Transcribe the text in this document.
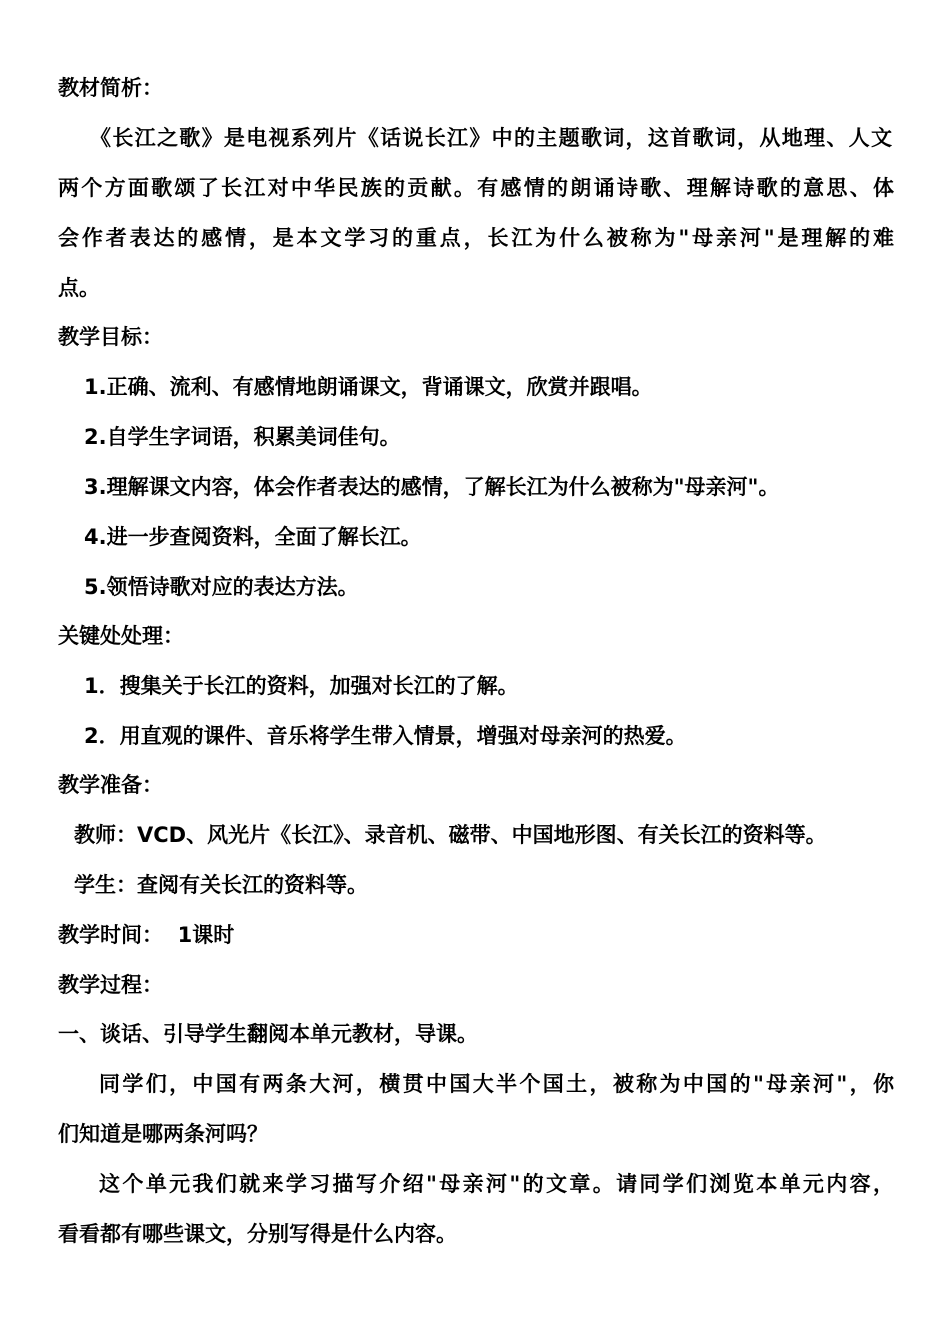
教材简析：
《长江之歌》是电视系列片《话说长江》中的主题歌词，这首歌词，从地理、人文
两个方面歌颂了长江对中华民族的贡献。有感情的朗诵诗歌、理解诗歌的意思、体
会作者表达的感情，是本文学习的重点，长江为什么被称为"母亲河"是理解的难
点。
教学目标：
1.正确、流利、有感情地朗诵课文，背诵课文，欣赏并跟唱。
2.自学生字词语，积累美词佳句。
3.理解课文内容，体会作者表达的感情，了解长江为什么被称为"母亲河"。
4.进一步查阅资料，全面了解长江。
5.领悟诗歌对应的表达方法。
关键处处理：
1．搜集关于长江的资料，加强对长江的了解。
2．用直观的课件、音乐将学生带入情景，增强对母亲河的热爱。
教学准备：
教师：VCD、风光片《长江》、录音机、磁带、中国地形图、有关长江的资料等。
学生：查阅有关长江的资料等。
教学时间：  1课时
教学过程：
一、谈话、引导学生翻阅本单元教材，导课。
同学们，中国有两条大河，横贯中国大半个国土，被称为中国的"母亲河"，你
们知道是哪两条河吗？
这个单元我们就来学习描写介绍"母亲河"的文章。请同学们浏览本单元内容，
看看都有哪些课文，分别写得是什么内容。
